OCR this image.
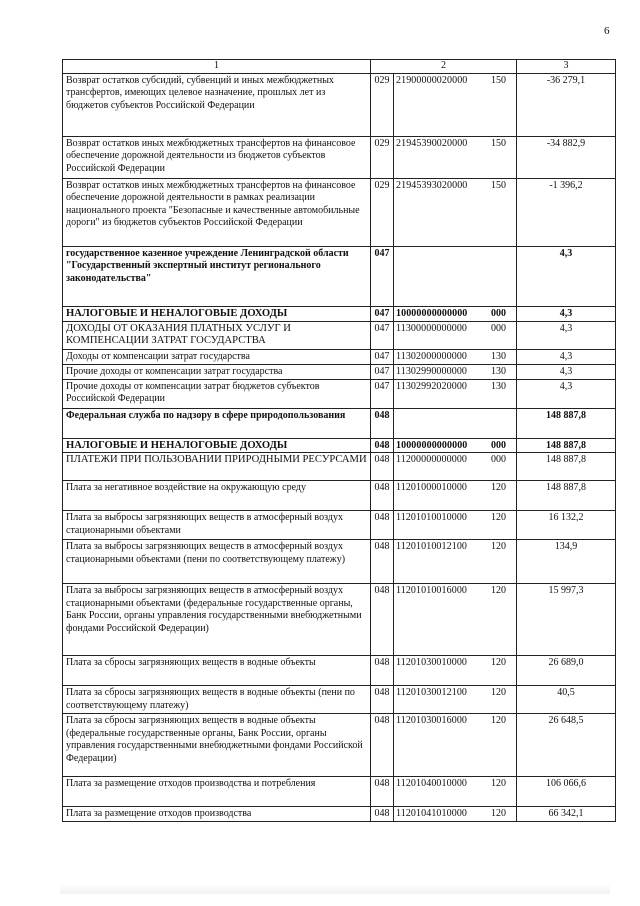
6
1	2		3
Возврат остатков субсидий, субвенций и иных межбюджетных трансфертов, имеющих целевое назначение, прошлых лет из бюджетов субъектов Российской Федерации	029	21900000020000 150	-36 279,1
Возврат остатков иных межбюджетных трансфертов на финансовое обеспечение дорожной деятельности из бюджетов субъектов Российской Федерации	029	21945390020000 150	-34 882,9
Возврат остатков иных межбюджетных трансфертов на финансовое обеспечение дорожной деятельности в рамках реализации национального проекта "Безопасные и качественные автомобильные дороги" из бюджетов субъектов Российской Федерации	029	21945393020000 150	-1 396,2
государственное казенное учреждение Ленинградской области "Государственный экспертный институт регионального законодательства"	047		4,3
НАЛОГОВЫЕ И НЕНАЛОГОВЫЕ ДОХОДЫ	047	10000000000000 000	4,3
ДОХОДЫ ОТ ОКАЗАНИЯ ПЛАТНЫХ УСЛУГ И КОМПЕНСАЦИИ ЗАТРАТ ГОСУДАРСТВА	047	11300000000000 000	4,3
Доходы от компенсации затрат государства	047	11302000000000 130	4,3
Прочие доходы от компенсации затрат государства	047	11302990000000 130	4,3
Прочие доходы от компенсации затрат бюджетов субъектов Российской Федерации	047	11302992020000 130	4,3
Федеральная служба по надзору в сфере природопользования	048		148 887,8
НАЛОГОВЫЕ И НЕНАЛОГОВЫЕ ДОХОДЫ	048	10000000000000 000	148 887,8
ПЛАТЕЖИ ПРИ ПОЛЬЗОВАНИИ ПРИРОДНЫМИ РЕСУРСАМИ	048	11200000000000 000	148 887,8
Плата за негативное воздействие на окружающую среду	048	11201000010000 120	148 887,8
Плата за выбросы загрязняющих веществ в атмосферный воздух стационарными объектами	048	11201010010000 120	16 132,2
Плата за выбросы загрязняющих веществ в атмосферный воздух стационарными объектами (пени по соответствующему платежу)	048	11201010012100 120	134,9
Плата за выбросы загрязняющих веществ в атмосферный воздух стационарными объектами (федеральные государственные органы, Банк России, органы управления государственными внебюджетными фондами Российской Федерации)	048	11201010016000 120	15 997,3
Плата за сбросы загрязняющих веществ в водные объекты	048	11201030010000 120	26 689,0
Плата за сбросы загрязняющих веществ в водные объекты (пени по соответствующему платежу)	048	11201030012100 120	40,5
Плата за сбросы загрязняющих веществ в водные объекты (федеральные государственные органы, Банк России, органы управления государственными внебюджетными фондами Российской Федерации)	048	11201030016000 120	26 648,5
Плата за размещение отходов производства и потребления	048	11201040010000 120	106 066,6
Плата за размещение отходов производства	048	11201041010000 120	66 342,1
